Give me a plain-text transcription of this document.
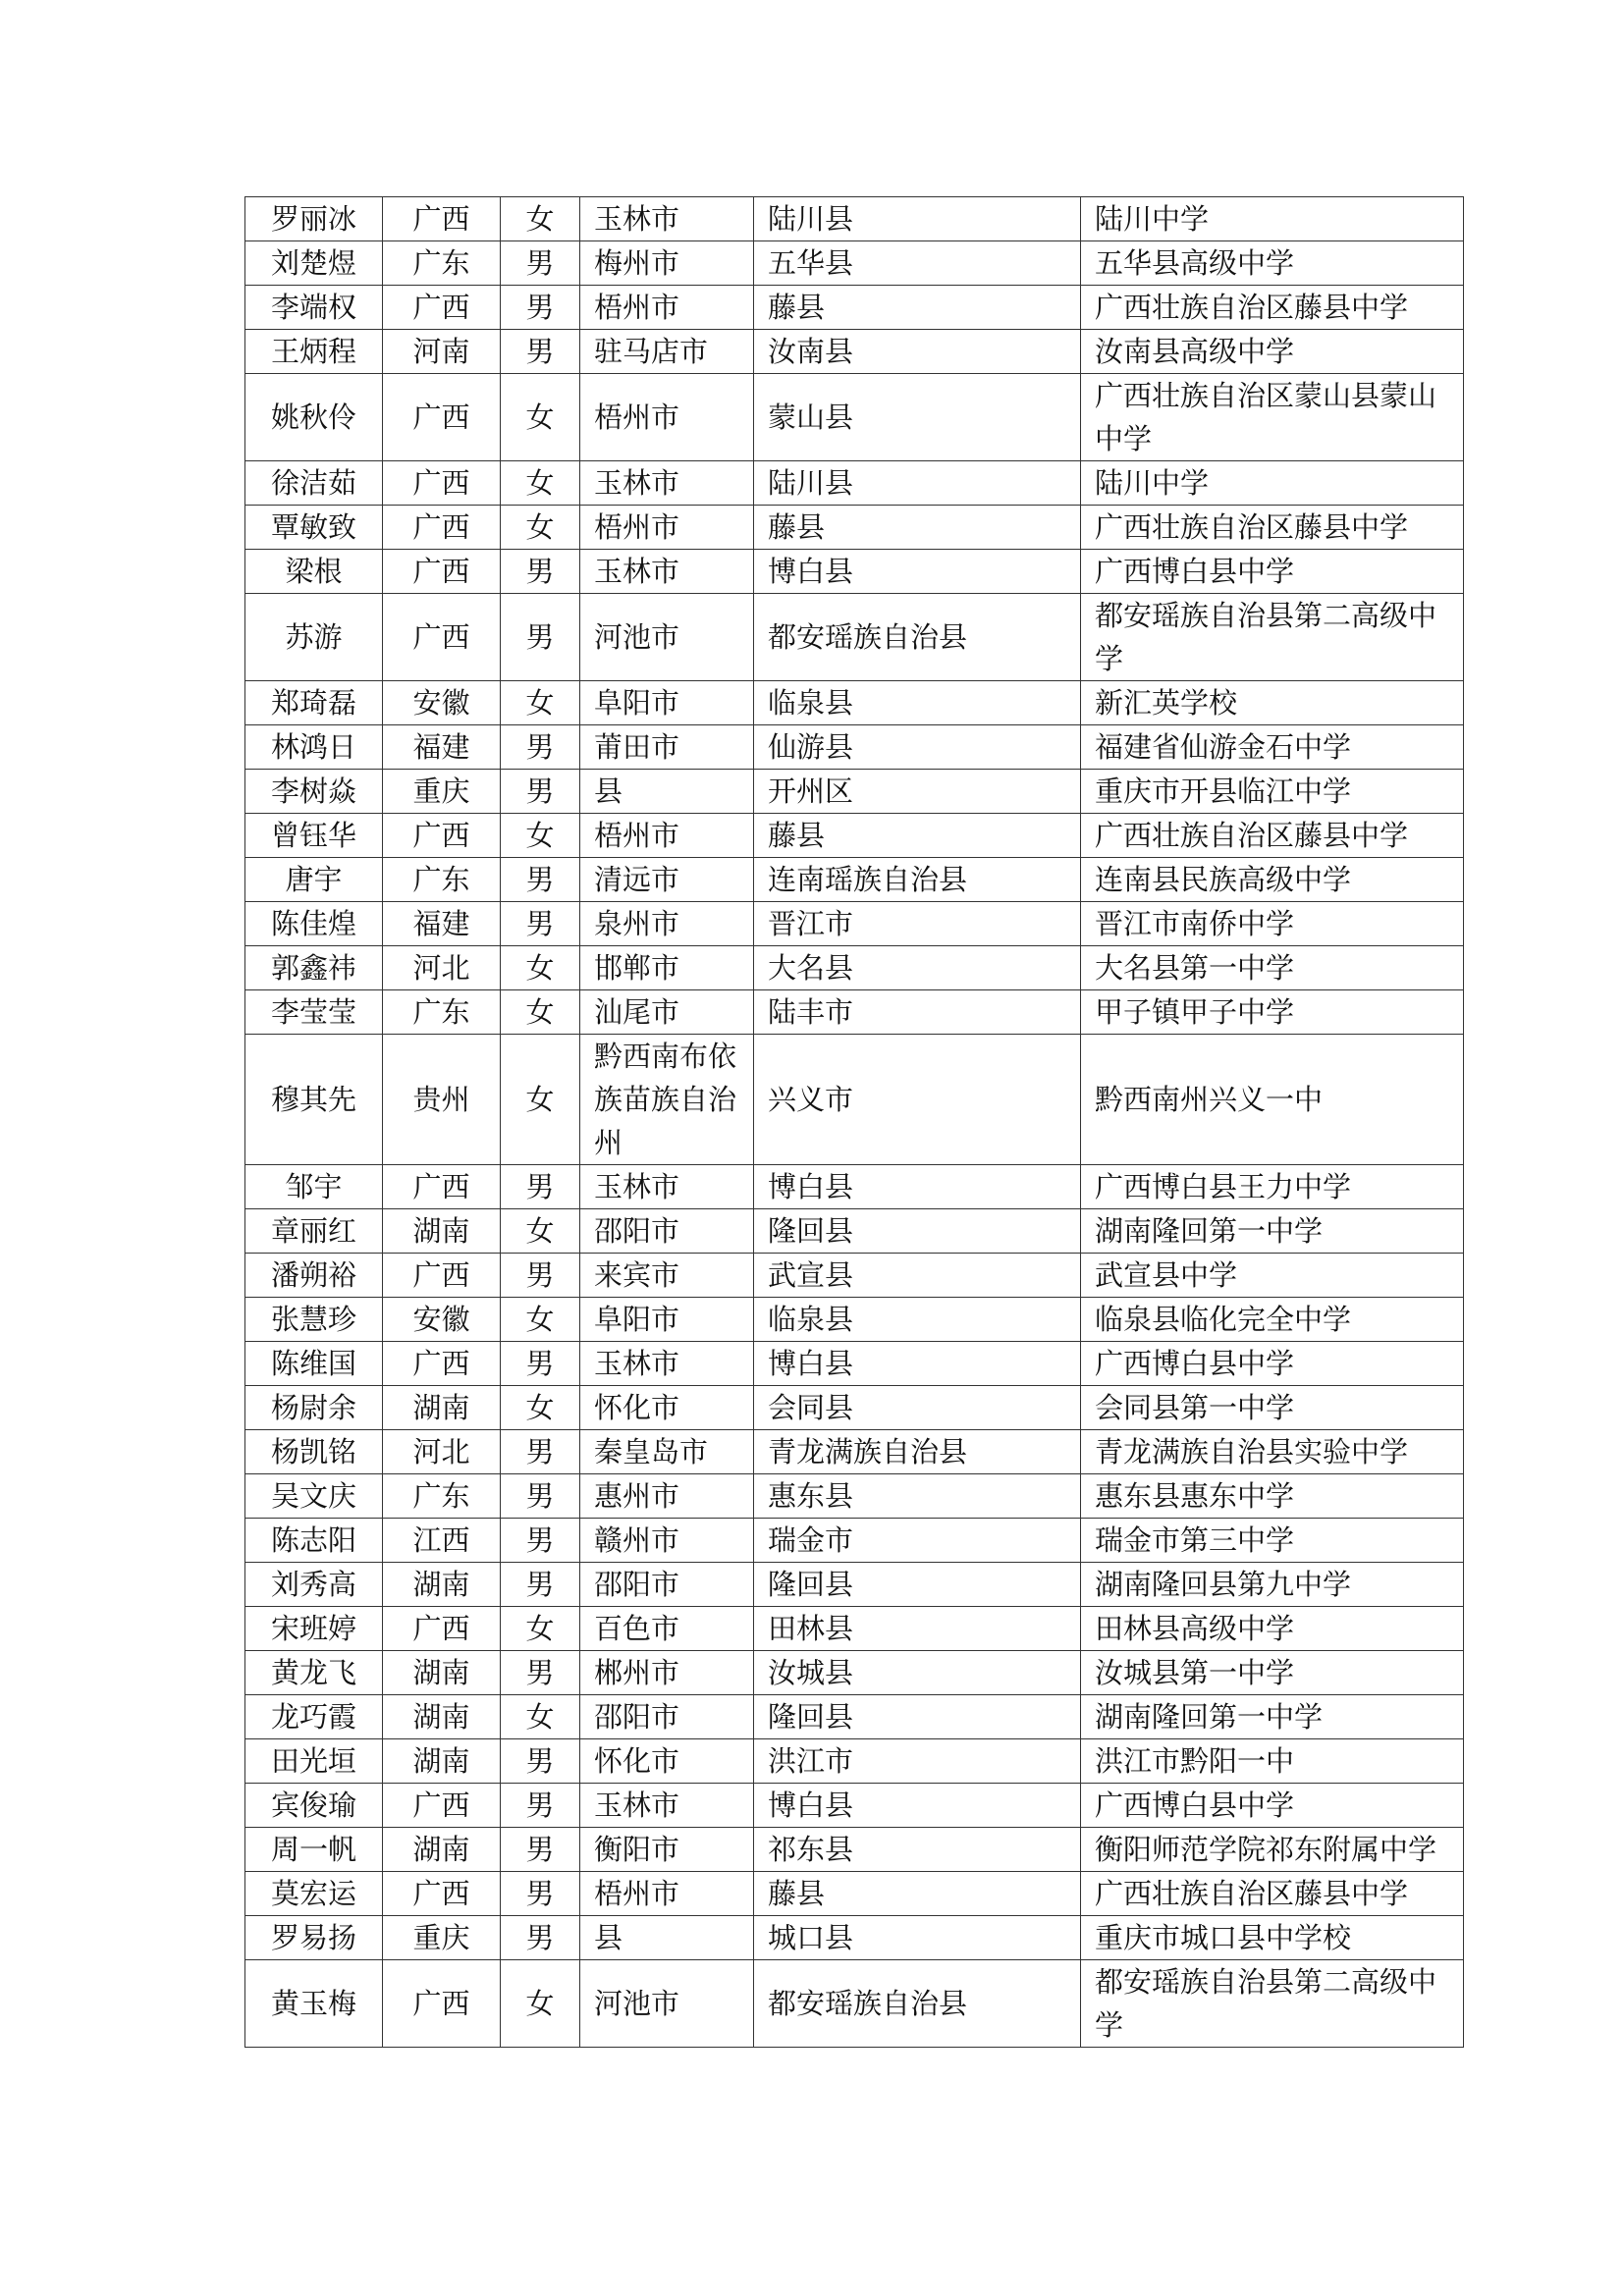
罗丽冰	广西	女	玉林市	陆川县	陆川中学
刘楚煜	广东	男	梅州市	五华县	五华县高级中学
李端权	广西	男	梧州市	藤县	广西壮族自治区藤县中学
王炳程	河南	男	驻马店市	汝南县	汝南县高级中学
姚秋伶	广西	女	梧州市	蒙山县	广西壮族自治区蒙山县蒙山中学
徐洁茹	广西	女	玉林市	陆川县	陆川中学
覃敏致	广西	女	梧州市	藤县	广西壮族自治区藤县中学
梁根	广西	男	玉林市	博白县	广西博白县中学
苏游	广西	男	河池市	都安瑶族自治县	都安瑶族自治县第二高级中学
郑琦磊	安徽	女	阜阳市	临泉县	新汇英学校
林鸿日	福建	男	莆田市	仙游县	福建省仙游金石中学
李树焱	重庆	男	县	开州区	重庆市开县临江中学
曾钰华	广西	女	梧州市	藤县	广西壮族自治区藤县中学
唐宇	广东	男	清远市	连南瑶族自治县	连南县民族高级中学
陈佳煌	福建	男	泉州市	晋江市	晋江市南侨中学
郭鑫祎	河北	女	邯郸市	大名县	大名县第一中学
李莹莹	广东	女	汕尾市	陆丰市	甲子镇甲子中学
穆其先	贵州	女	黔西南布依族苗族自治州	兴义市	黔西南州兴义一中
邹宇	广西	男	玉林市	博白县	广西博白县王力中学
章丽红	湖南	女	邵阳市	隆回县	湖南隆回第一中学
潘朔裕	广西	男	来宾市	武宣县	武宣县中学
张慧珍	安徽	女	阜阳市	临泉县	临泉县临化完全中学
陈维国	广西	男	玉林市	博白县	广西博白县中学
杨尉余	湖南	女	怀化市	会同县	会同县第一中学
杨凯铭	河北	男	秦皇岛市	青龙满族自治县	青龙满族自治县实验中学
吴文庆	广东	男	惠州市	惠东县	惠东县惠东中学
陈志阳	江西	男	赣州市	瑞金市	瑞金市第三中学
刘秀高	湖南	男	邵阳市	隆回县	湖南隆回县第九中学
宋班婷	广西	女	百色市	田林县	田林县高级中学
黄龙飞	湖南	男	郴州市	汝城县	汝城县第一中学
龙巧霞	湖南	女	邵阳市	隆回县	湖南隆回第一中学
田光垣	湖南	男	怀化市	洪江市	洪江市黔阳一中
宾俊瑜	广西	男	玉林市	博白县	广西博白县中学
周一帆	湖南	男	衡阳市	祁东县	衡阳师范学院祁东附属中学
莫宏运	广西	男	梧州市	藤县	广西壮族自治区藤县中学
罗易扬	重庆	男	县	城口县	重庆市城口县中学校
黄玉梅	广西	女	河池市	都安瑶族自治县	都安瑶族自治县第二高级中学
